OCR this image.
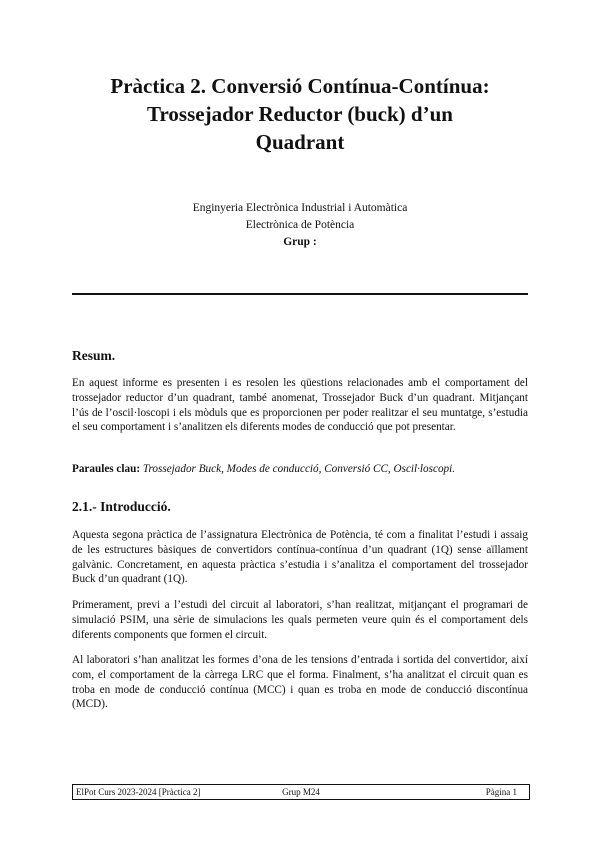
Pràctica 2. Conversió Contínua-Contínua:
Trossejador Reductor (buck) d’un
Quadrant
Enginyeria Electrònica Industrial i Automàtica
Electrònica de Potència
Grup :
Resum.

En aquest informe es presenten i es resolen les qüestions relacionades amb el comportament del trossejador reductor d’un quadrant, també anomenat, Trossejador Buck d’un quadrant. Mitjançant l’ús de l’oscil·loscopi i els mòduls que es proporcionen per poder realitzar el seu muntatge, s’estudia el seu comportament i s’analitzen els diferents modes de conducció que pot presentar.

Paraules clau: Trossejador Buck, Modes de conducció, Conversió CC, Oscil·loscopi.

2.1.- Introducció.

Aquesta segona pràctica de l’assignatura Electrònica de Potència, té com a finalitat l’estudi i assaig de les estructures bàsiques de convertidors contínua-contínua d’un quadrant (1Q) sense aïllament galvànic. Concretament, en aquesta pràctica s’estudia i s’analitza el comportament del trossejador Buck d’un quadrant (1Q).

Primerament, previ a l’estudi del circuit al laboratori, s’han realitzat, mitjançant el programari de simulació PSIM, una sèrie de simulacions les quals permeten veure quin és el comportament dels diferents components que formen el circuit.

Al laboratori s’han analitzat les formes d’ona de les tensions d’entrada i sortida del convertidor, així com, el comportament de la càrrega LRC que el forma. Finalment, s’ha analitzat el circuit quan es troba en mode de conducció contínua (MCC) i quan es troba en mode de conducció discontínua (MCD).

Grup M24
ElPot Curs 2023-2024 [Pràctica 2]	Pàgina 1
